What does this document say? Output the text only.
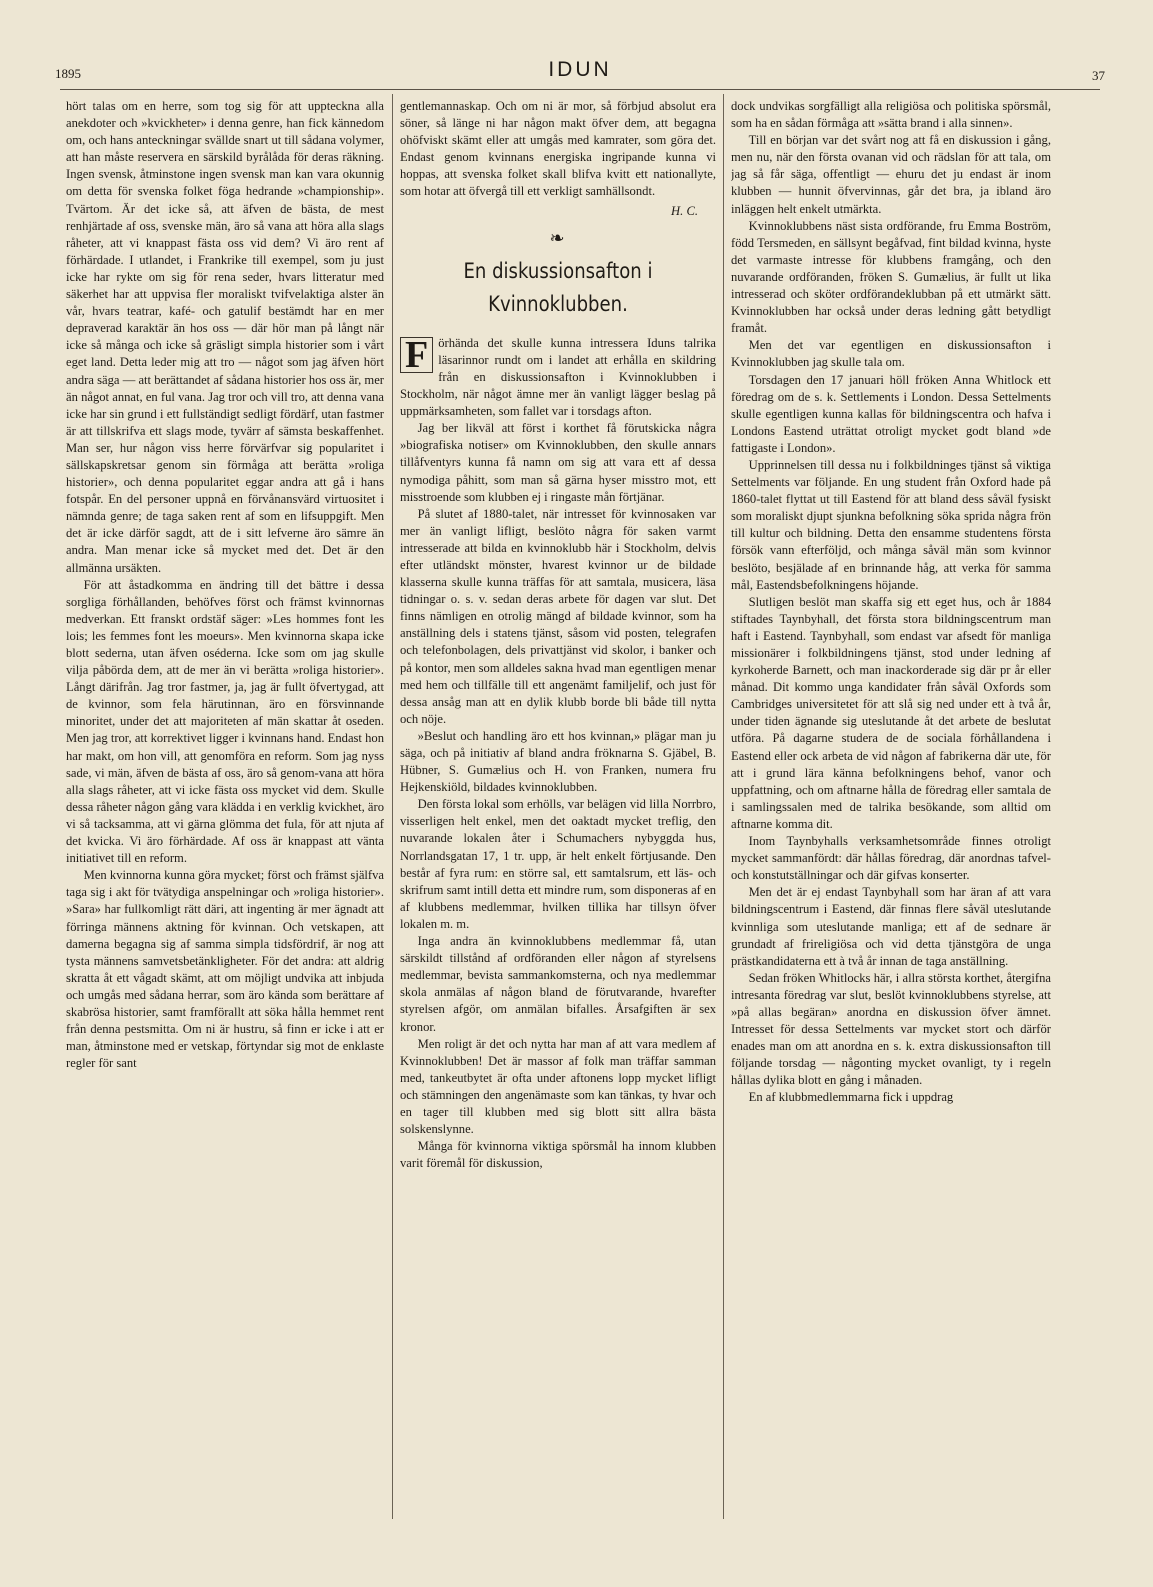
1895	IDUN	37

hört talas om en herre, som tog sig för att uppteckna alla anekdoter och »kvickheter» i denna genre, han fick kännedom om, och hans anteckningar svällde snart ut till sådana volymer, att han måste reservera en särskild byrålåda för deras räkning. Ingen svensk, åtminstone ingen svensk man kan vara okunnig om detta för svenska folket föga hedrande »championship». Tvärtom. Är det icke så, att äfven de bästa, de mest renhjärtade af oss, svenske män, äro så vana att höra alla slags råheter, att vi knappast fästa oss vid dem? Vi äro rent af förhärdade. I utlandet, i Frankrike till exempel, som ju just icke har rykte om sig för rena seder, hvars litteratur med säkerhet har att uppvisa fler moraliskt tvifvelaktiga alster än vår, hvars teatrar, kafé- och gatulif bestämdt har en mer depraverad karaktär än hos oss — där hör man på långt när icke så många och icke så gräsligt simpla historier som i vårt eget land. Detta leder mig att tro — något som jag äfven hört andra säga — att berättandet af sådana historier hos oss är, mer än något annat, en ful vana. Jag tror och vill tro, att denna vana icke har sin grund i ett fullständigt sedligt fördärf, utan fastmer är att tillskrifva ett slags mode, tyvärr af sämsta beskaffenhet. Man ser, hur någon viss herre förvärfvar sig popularitet i sällskapskretsar genom sin förmåga att berätta »roliga historier», och denna popularitet eggar andra att gå i hans fotspår. En del personer uppnå en förvånansvärd virtuositet i nämnda genre; de taga saken rent af som en lifsuppgift. Men det är icke därför sagdt, att de i sitt lefverne äro sämre än andra. Man menar icke så mycket med det. Det är den allmänna ursäkten.

För att åstadkomma en ändring till det bättre i dessa sorgliga förhållanden, behöfves först och främst kvinnornas medverkan. Ett franskt ordstäf säger: »Les hommes font les lois; les femmes font les moeurs». Men kvinnorna skapa icke blott sederna, utan äfven oséderna. Icke som om jag skulle vilja påbörda dem, att de mer än vi berätta »roliga historier». Långt därifrån. Jag tror fastmer, ja, jag är fullt öfvertygad, att de kvinnor, som fela härutinnan, äro en försvinnande minoritet, under det att majoriteten af män skattar åt oseden. Men jag tror, att korrektivet ligger i kvinnans hand. Endast hon har makt, om hon vill, att genomföra en reform. Som jag nyss sade, vi män, äfven de bästa af oss, äro så genom-vana att höra alla slags råheter, att vi icke fästa oss mycket vid dem. Skulle dessa råheter någon gång vara klädda i en verklig kvickhet, äro vi så tacksamma, att vi gärna glömma det fula, för att njuta af det kvicka. Vi äro förhärdade. Af oss är knappast att vänta initiativet till en reform.

Men kvinnorna kunna göra mycket; först och främst själfva taga sig i akt för tvätydiga anspelningar och »roliga historier». »Sara» har fullkomligt rätt däri, att ingenting är mer ägnadt att förringa männens aktning för kvinnan. Och vetskapen, att damerna begagna sig af samma simpla tidsfördrif, är nog att tysta männens samvetsbetänkligheter. För det andra: att aldrig skratta åt ett vågadt skämt, att om möjligt undvika att inbjuda och umgås med sådana herrar, som äro kända som berättare af skabrösa historier, samt framförallt att söka hålla hemmet rent från denna pestsmitta. Om ni är hustru, så finn er icke i att er man, åtminstone med er vetskap, förtyndar sig mot de enklaste regler för sant

gentlemannaskap. Och om ni är mor, så förbjud absolut era söner, så länge ni har någon makt öfver dem, att begagna ohöfviskt skämt eller att umgås med kamrater, som göra det. Endast genom kvinnans energiska ingripande kunna vi hoppas, att svenska folket skall blifva kvitt ett nationallyte, som hotar att öfvergå till ett verkligt samhällsondt.

H. C.
❧
En diskussionsafton i Kvinnoklubben.

F örhända det skulle kunna intressera Iduns talrika läsarinnor rundt om i landet att erhålla en skildring från en diskussionsafton i Kvinnoklubben i Stockholm, när något ämne mer än vanligt lägger beslag på uppmärksamheten, som fallet var i torsdags afton.

Jag ber likväl att först i korthet få förutskicka några »biografiska notiser» om Kvinnoklubben, den skulle annars tillåfventyrs kunna få namn om sig att vara ett af dessa nymodiga påhitt, som man så gärna hyser misstro mot, ett misstroende som klubben ej i ringaste mån förtjänar.

På slutet af 1880-talet, när intresset för kvinnosaken var mer än vanligt lifligt, beslöto några för saken varmt intresserade att bilda en kvinnoklubb här i Stockholm, delvis efter utländskt mönster, hvarest kvinnor ur de bildade klasserna skulle kunna träffas för att samtala, musicera, läsa tidningar o. s. v. sedan deras arbete för dagen var slut. Det finns nämligen en otrolig mängd af bildade kvinnor, som ha anställning dels i statens tjänst, såsom vid posten, telegrafen och telefonbolagen, dels privattjänst vid skolor, i banker och på kontor, men som alldeles sakna hvad man egentligen menar med hem och tillfälle till ett angenämt familjelif, och just för dessa ansåg man att en dylik klubb borde bli både till nytta och nöje.

»Beslut och handling äro ett hos kvinnan,» plägar man ju säga, och på initiativ af bland andra fröknarna S. Gjäbel, B. Hübner, S. Gumælius och H. von Franken, numera fru Hejkenskiöld, bildades kvinnoklubben.

Den första lokal som erhölls, var belägen vid lilla Norrbro, visserligen helt enkel, men det oaktadt mycket treflig, den nuvarande lokalen åter i Schumachers nybyggda hus, Norrlandsgatan 17, 1 tr. upp, är helt enkelt förtjusande. Den består af fyra rum: en större sal, ett samtalsrum, ett läs- och skrifrum samt intill detta ett mindre rum, som disponeras af en af klubbens medlemmar, hvilken tillika har tillsyn öfver lokalen m. m.

Inga andra än kvinnoklubbens medlemmar få, utan särskildt tillstånd af ordföranden eller någon af styrelsens medlemmar, bevista sammankomsterna, och nya medlemmar skola anmälas af någon bland de förutvarande, hvarefter styrelsen afgör, om anmälan bifalles. Årsafgiften är sex kronor.

Men roligt är det och nytta har man af att vara medlem af Kvinnoklubben! Det är massor af folk man träffar samman med, tankeutbytet är ofta under aftonens lopp mycket lifligt och stämningen den angenämaste som kan tänkas, ty hvar och en tager till klubben med sig blott sitt allra bästa solskenslynne.

Många för kvinnorna viktiga spörsmål ha innom klubben varit föremål för diskussion,

dock undvikas sorgfälligt alla religiösa och politiska spörsmål, som ha en sådan förmåga att »sätta brand i alla sinnen».

Till en början var det svårt nog att få en diskussion i gång, men nu, när den första ovanan vid och rädslan för att tala, om jag så får säga, offentligt — ehuru det ju endast är inom klubben — hunnit öfvervinnas, går det bra, ja ibland äro inläggen helt enkelt utmärkta.

Kvinnoklubbens näst sista ordförande, fru Emma Boström, född Tersmeden, en sällsynt begåfvad, fint bildad kvinna, hyste det varmaste intresse för klubbens framgång, och den nuvarande ordföranden, fröken S. Gumælius, är fullt ut lika intresserad och sköter ordförandeklubban på ett utmärkt sätt. Kvinnoklubben har också under deras ledning gått betydligt framåt.

Men det var egentligen en diskussionsafton i Kvinnoklubben jag skulle tala om.

Torsdagen den 17 januari höll fröken Anna Whitlock ett föredrag om de s. k. Settlements i London. Dessa Settelments skulle egentligen kunna kallas för bildningscentra och hafva i Londons Eastend uträttat otroligt mycket godt bland »de fattigaste i London».

Upprinnelsen till dessa nu i folkbildninges tjänst så viktiga Settelments var följande. En ung student från Oxford hade på 1860-talet flyttat ut till Eastend för att bland dess såväl fysiskt som moraliskt djupt sjunkna befolkning söka sprida några frön till kultur och bildning. Detta den ensamme studentens första försök vann efterföljd, och många såväl män som kvinnor beslöto, besjälade af en brinnande håg, att verka för samma mål, Eastendsbefolkningens höjande.

Slutligen beslöt man skaffa sig ett eget hus, och år 1884 stiftades Taynbyhall, det första stora bildningscentrum man haft i Eastend. Taynbyhall, som endast var afsedt för manliga missionärer i folkbildningens tjänst, stod under ledning af kyrkoherde Barnett, och man inackorderade sig där pr år eller månad. Dit kommo unga kandidater från såväl Oxfords som Cambridges universitetet för att slå sig ned under ett à två år, under tiden ägnande sig uteslutande åt det arbete de beslutat utföra. På dagarne studera de de sociala förhållandena i Eastend eller ock arbeta de vid någon af fabrikerna där ute, för att i grund lära känna befolkningens behof, vanor och uppfattning, och om aftnarne hålla de föredrag eller samtala de i samlingssalen med de talrika besökande, som alltid om aftnarne komma dit.

Inom Taynbyhalls verksamhetsområde finnes otroligt mycket sammanfördt: där hållas föredrag, där anordnas tafvel- och konstutställningar och där gifvas konserter.

Men det är ej endast Taynbyhall som har äran af att vara bildningscentrum i Eastend, där finnas flere såväl uteslutande kvinnliga som uteslutande manliga; ett af de sednare är grundadt af frireligiösa och vid detta tjänstgöra de unga prästkandidaterna ett à två år innan de taga anställning.

Sedan fröken Whitlocks här, i allra största korthet, återgifna intresanta föredrag var slut, beslöt kvinnoklubbens styrelse, att »på allas begäran» anordna en diskussion öfver ämnet. Intresset för dessa Settelments var mycket stort och därför enades man om att anordna en s. k. extra diskussionsafton till följande torsdag — någonting mycket ovanligt, ty i regeln hållas dylika blott en gång i månaden.

En af klubbmedlemmarna fick i uppdrag
